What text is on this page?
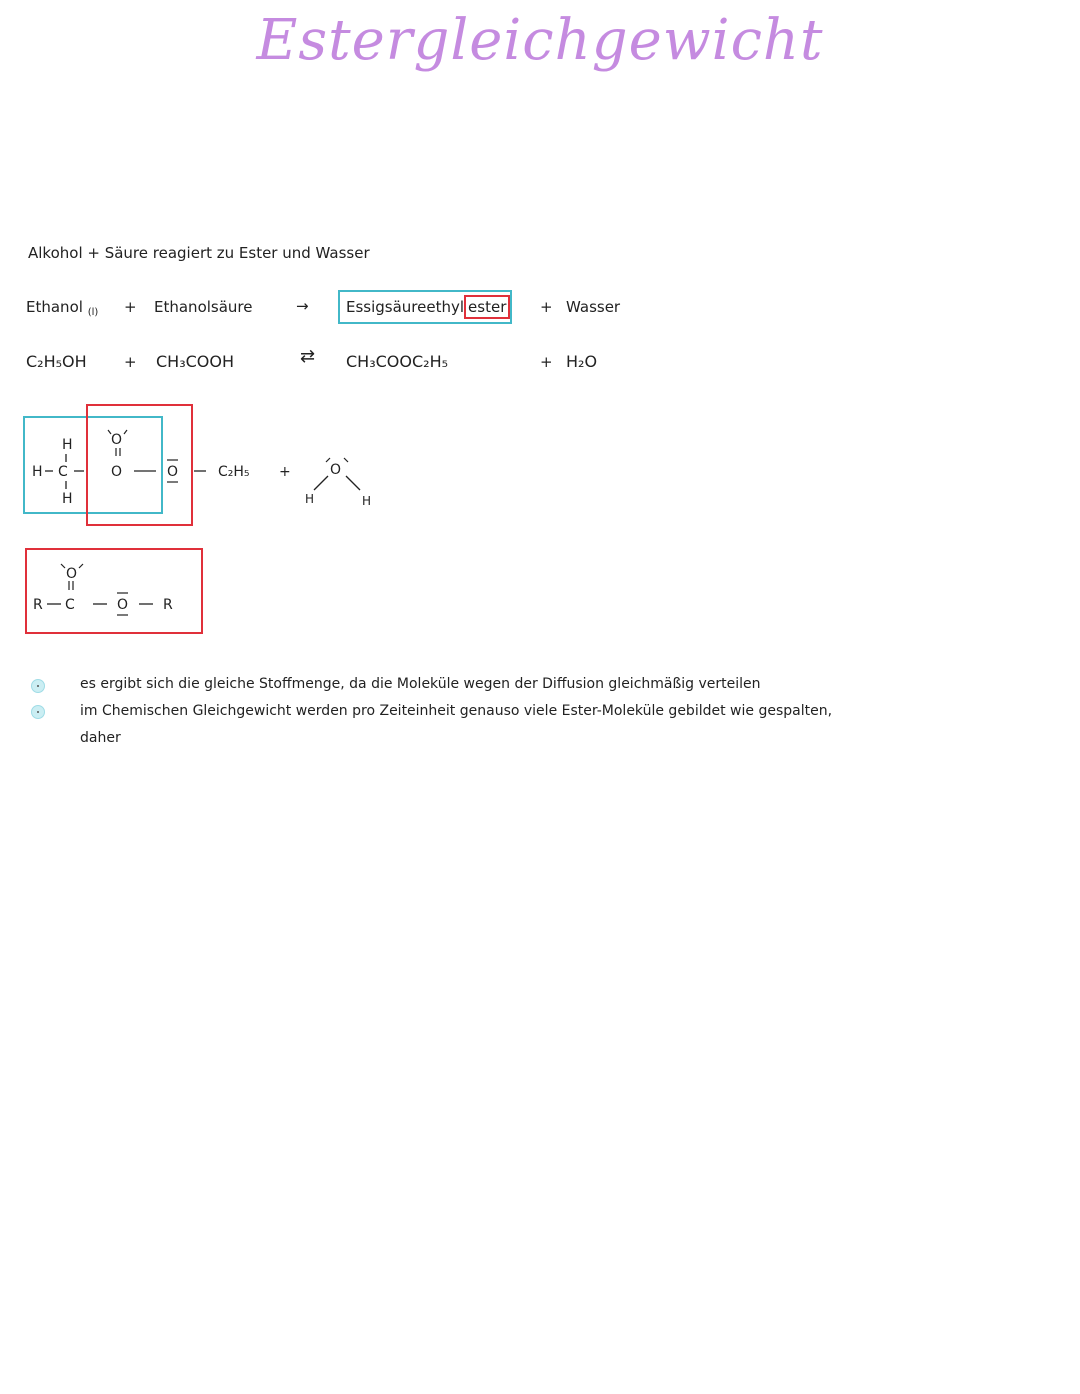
Estergleichgewicht
Alkohol + Säure reagiert zu Ester und Wasser
Ethanol $_{(l)}$ + Ethanolsäure	→	Essigsäureethyl ester	+ Wasser
C₂H₅OH + CH₃COOH	⇄ CH₃COOC₂H₅	+ H₂O
H
H C
H
O
O	O	C₂H₅ +	O
H	H
R C
O
O R
es ergibt sich die gleiche Stoffmenge, da die Moleküle wegen der Diffusion gleichmäßig verteilen
im Chemischen Gleichgewicht werden pro Zeiteinheit genauso viele Ester-Moleküle gebildet wie gespalten,
daher
